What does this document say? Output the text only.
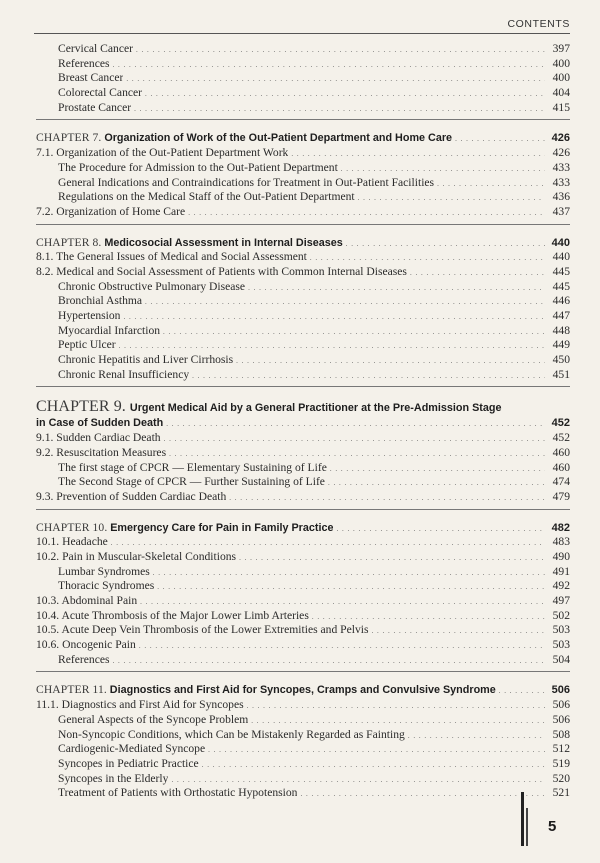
CONTENTS
Cervical Cancer . . .	397
References . . .	400
Breast Cancer . . .	400
Colorectal Cancer . . .	404
Prostate Cancer . . .	415
CHAPTER 7. Organization of Work of the Out-Patient Department and Home Care . . .	426
7.1. Organization of the Out-Patient Department Work . . .	426
The Procedure for Admission to the Out-Patient Department . . .	433
General Indications and Contraindications for Treatment in Out-Patient Facilities . . .	433
Regulations on the Medical Staff of the Out-Patient Department . . .	436
7.2. Organization of Home Care . . .	437
CHAPTER 8. Medicosocial Assessment in Internal Diseases . . .	440
8.1. The General Issues of Medical and Social Assessment . . .	440
8.2. Medical and Social Assessment of Patients with Common Internal Diseases . . .	445
Chronic Obstructive Pulmonary Disease . . .	445
Bronchial Asthma . . .	446
Hypertension . . .	447
Myocardial Infarction . . .	448
Peptic Ulcer . . .	449
Chronic Hepatitis and Liver Cirrhosis . . .	450
Chronic Renal Insufficiency . . .	451
CHAPTER 9. Urgent Medical Aid by a General Practitioner at the Pre-Admission Stage
in Case of Sudden Death . . .	452
9.1. Sudden Cardiac Death . . .	452
9.2. Resuscitation Measures . . .	460
The first stage of CPCR — Elementary Sustaining of Life . . .	460
The Second Stage of CPCR — Further Sustaining of Life . . .	474
9.3. Prevention of Sudden Cardiac Death . . .	479
CHAPTER 10. Emergency Care for Pain in Family Practice . . .	482
10.1. Headache . . .	483
10.2. Pain in Muscular-Skeletal Conditions . . .	490
Lumbar Syndromes . . .	491
Thoracic Syndromes . . .	492
10.3. Abdominal Pain . . .	497
10.4. Acute Thrombosis of the Major Lower Limb Arteries . . .	502
10.5. Acute Deep Vein Thrombosis of the Lower Extremities and Pelvis . . .	503
10.6. Oncogenic Pain . . .	503
References . . .	504
CHAPTER 11. Diagnostics and First Aid for Syncopes, Cramps and Convulsive Syndrome . . .	506
11.1. Diagnostics and First Aid for Syncopes . . .	506
General Aspects of the Syncope Problem . . .	506
Non-Syncopic Conditions, which Can be Mistakenly Regarded as Fainting . . .	508
Cardiogenic-Mediated Syncope . . .	512
Syncopes in Pediatric Practice . . .	519
Syncopes in the Elderly . . .	520
Treatment of Patients with Orthostatic Hypotension . . .	521
5
